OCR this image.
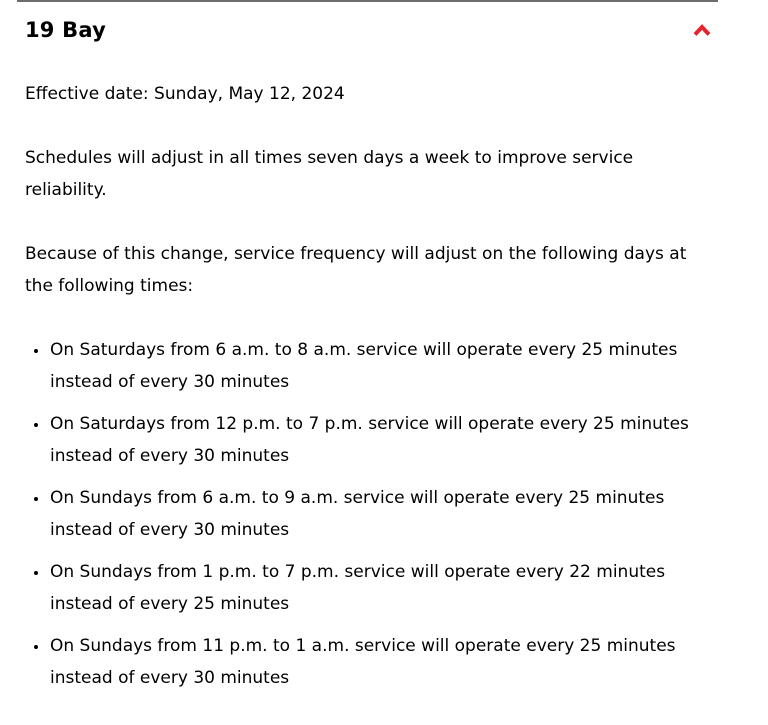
19 Bay

Effective date: Sunday, May 12, 2024

Schedules will adjust in all times seven days a week to improve service reliability.

Because of this change, service frequency will adjust on the following days at the following times:

• On Saturdays from 6 a.m. to 8 a.m. service will operate every 25 minutes instead of every 30 minutes
• On Saturdays from 12 p.m. to 7 p.m. service will operate every 25 minutes instead of every 30 minutes
• On Sundays from 6 a.m. to 9 a.m. service will operate every 25 minutes instead of every 30 minutes
• On Sundays from 1 p.m. to 7 p.m. service will operate every 22 minutes instead of every 25 minutes
• On Sundays from 11 p.m. to 1 a.m. service will operate every 25 minutes instead of every 30 minutes
